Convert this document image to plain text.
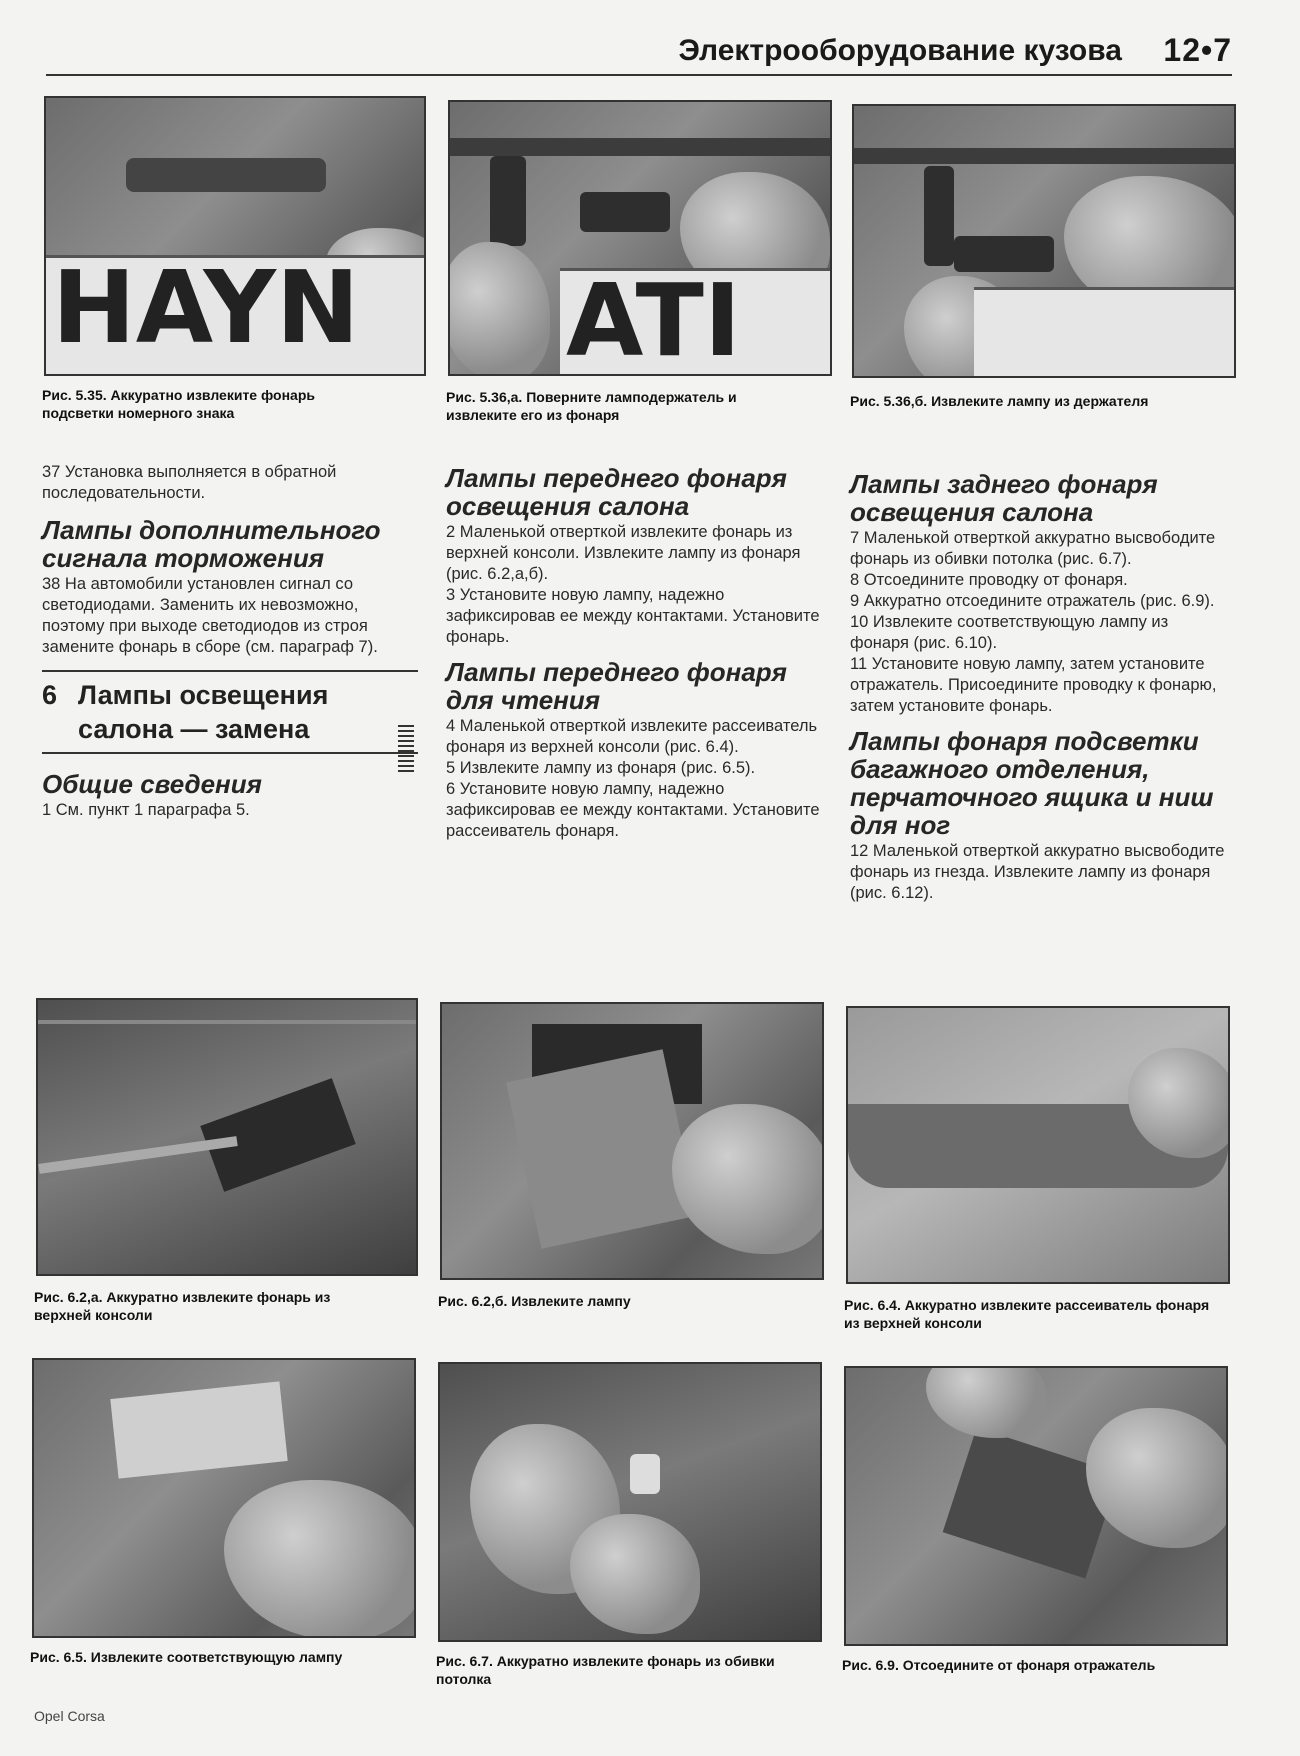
Электрооборудование кузова 12•7
HAYN
Рис. 5.35. Аккуратно извлеките фонарь подсветки номерного знака
ATI
Рис. 5.36,а. Поверните ламподержатель и извлеките его из фонаря
Рис. 5.36,б. Извлеките лампу из держателя

37 Установка выполняется в обратной последовательности.

Лампы дополнительного сигнала торможения

38 На автомобили установлен сигнал со светодиодами. Заменить их невозможно, поэтому при выходе светодиодов из строя замените фонарь в сборе (см. параграф 7).

6 Лампы освещения салона — замена
Общие сведения

1 См. пункт 1 параграфа 5.

Лампы переднего фонаря освещения салона

2 Маленькой отверткой извлеките фонарь из верхней консоли. Извлеките лампу из фонаря (рис. 6.2,а,б).

3 Установите новую лампу, надежно зафиксировав ее между контактами. Установите фонарь.

Лампы переднего фонаря для чтения

4 Маленькой отверткой извлеките рассеиватель фонаря из верхней консоли (рис. 6.4).

5 Извлеките лампу из фонаря (рис. 6.5).

6 Установите новую лампу, надежно зафиксировав ее между контактами. Установите рассеиватель фонаря.

Лампы заднего фонаря освещения салона

7 Маленькой отверткой аккуратно высвободите фонарь из обивки потолка (рис. 6.7).

8 Отсоедините проводку от фонаря.

9 Аккуратно отсоедините отражатель (рис. 6.9).

10 Извлеките соответствующую лампу из фонаря (рис. 6.10).

11 Установите новую лампу, затем установите отражатель. Присоедините проводку к фонарю, затем установите фонарь.

Лампы фонаря подсветки багажного отделения, перчаточного ящика и ниш для ног

12 Маленькой отверткой аккуратно высвободите фонарь из гнезда. Извлеките лампу из фонаря (рис. 6.12).

Рис. 6.2,а. Аккуратно извлеките фонарь из верхней консоли
Рис. 6.2,б. Извлеките лампу	Рис. 6.4. Аккуратно извлеките рассеиватель фонаря из верхней консоли
Рис. 6.5. Извлеките соответствующую лампу	Рис. 6.7. Аккуратно извлеките фонарь из обивки потолка
Рис. 6.9. Отсоедините от фонаря отражатель
Opel Corsa
